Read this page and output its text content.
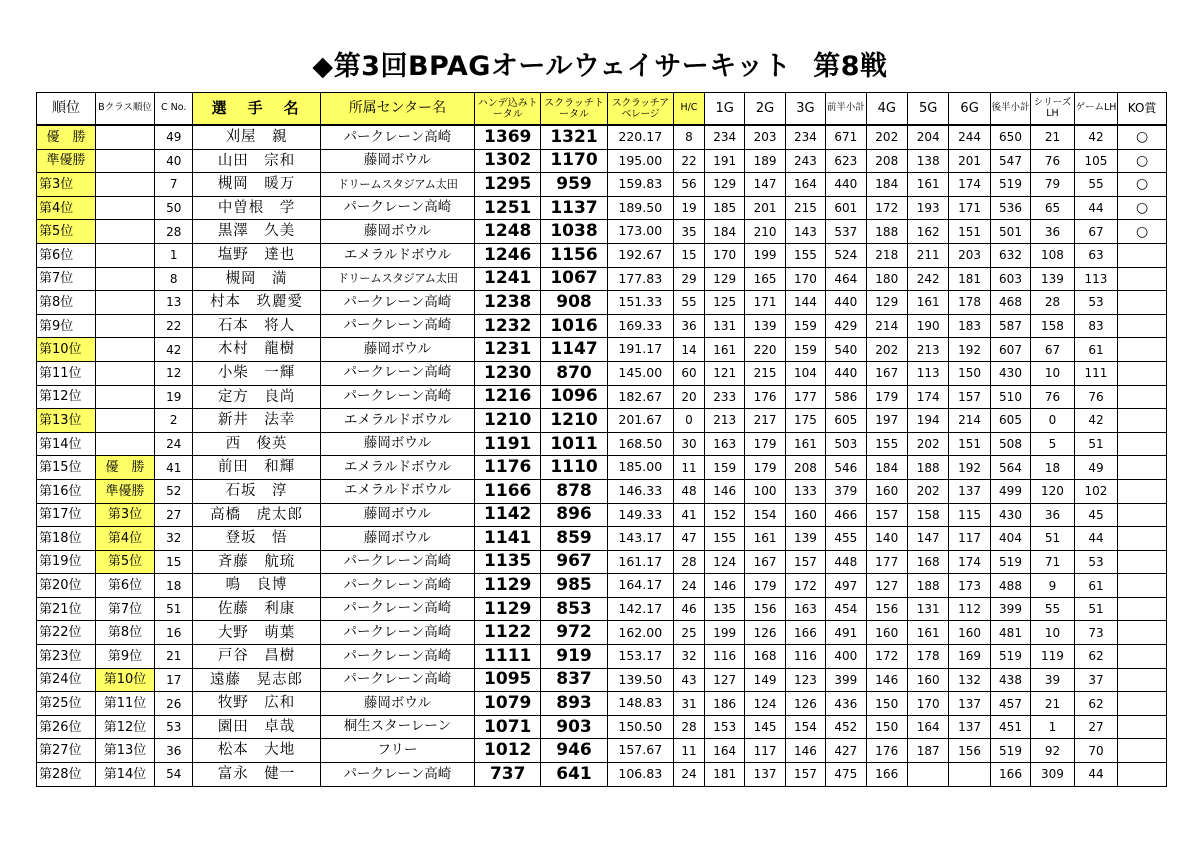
◆第3回BPAGオールウェイサーキット 第8戦
順位	Bクラス順位	C No.	選　手　名	所属センター名	ハンデ込みトータル	スクラッチトータル	スクラッチアベレージ	H/C	1G	2G	3G	前半小計	4G	5G	6G	後半小計	シリーズLH	ゲームLH	KO賞
優　勝		49	刈屋　親	パークレーン高崎	1369	1321	220.17	8	234	203	234	671	202	204	244	650	21	42	○
準優勝		40	山田　宗和	藤岡ボウル	1302	1170	195.00	22	191	189	243	623	208	138	201	547	76	105	○
第3位		7	槻岡　暖万	ドリームスタジアム太田	1295	959	159.83	56	129	147	164	440	184	161	174	519	79	55	○
第4位		50	中曽根　学	パークレーン高崎	1251	1137	189.50	19	185	201	215	601	172	193	171	536	65	44	○
第5位		28	黒澤　久美	藤岡ボウル	1248	1038	173.00	35	184	210	143	537	188	162	151	501	36	67	○
第6位		1	塩野　達也	エメラルドボウル	1246	1156	192.67	15	170	199	155	524	218	211	203	632	108	63	
第7位		8	槻岡　満	ドリームスタジアム太田	1241	1067	177.83	29	129	165	170	464	180	242	181	603	139	113	
第8位		13	村本　玖麗愛	パークレーン高崎	1238	908	151.33	55	125	171	144	440	129	161	178	468	28	53	
第9位		22	石本　将人	パークレーン高崎	1232	1016	169.33	36	131	139	159	429	214	190	183	587	158	83	
第10位		42	木村　龍樹	藤岡ボウル	1231	1147	191.17	14	161	220	159	540	202	213	192	607	67	61	
第11位		12	小柴　一輝	パークレーン高崎	1230	870	145.00	60	121	215	104	440	167	113	150	430	10	111	
第12位		19	定方　良尚	パークレーン高崎	1216	1096	182.67	20	233	176	177	586	179	174	157	510	76	76	
第13位		2	新井　法幸	エメラルドボウル	1210	1210	201.67	0	213	217	175	605	197	194	214	605	0	42	
第14位		24	西　俊英	藤岡ボウル	1191	1011	168.50	30	163	179	161	503	155	202	151	508	5	51	
第15位	優　勝	41	前田　和輝	エメラルドボウル	1176	1110	185.00	11	159	179	208	546	184	188	192	564	18	49	
第16位	準優勝	52	石坂　淳	エメラルドボウル	1166	878	146.33	48	146	100	133	379	160	202	137	499	120	102	
第17位	第3位	27	高橋　虎太郎	藤岡ボウル	1142	896	149.33	41	152	154	160	466	157	158	115	430	36	45	
第18位	第4位	32	登坂　悟	藤岡ボウル	1141	859	143.17	47	155	161	139	455	140	147	117	404	51	44	
第19位	第5位	15	斉藤　航琉	パークレーン高崎	1135	967	161.17	28	124	167	157	448	177	168	174	519	71	53	
第20位	第6位	18	鳴　良博	パークレーン高崎	1129	985	164.17	24	146	179	172	497	127	188	173	488	9	61	
第21位	第7位	51	佐藤　利康	パークレーン高崎	1129	853	142.17	46	135	156	163	454	156	131	112	399	55	51	
第22位	第8位	16	大野　萌葉	パークレーン高崎	1122	972	162.00	25	199	126	166	491	160	161	160	481	10	73	
第23位	第9位	21	戸谷　昌樹	パークレーン高崎	1111	919	153.17	32	116	168	116	400	172	178	169	519	119	62	
第24位	第10位	17	遠藤　晃志郎	パークレーン高崎	1095	837	139.50	43	127	149	123	399	146	160	132	438	39	37	
第25位	第11位	26	牧野　広和	藤岡ボウル	1079	893	148.83	31	186	124	126	436	150	170	137	457	21	62	
第26位	第12位	53	園田　卓哉	桐生スターレーン	1071	903	150.50	28	153	145	154	452	150	164	137	451	1	27	
第27位	第13位	36	松本　大地	フリー	1012	946	157.67	11	164	117	146	427	176	187	156	519	92	70	
第28位	第14位	54	富永　健一	パークレーン高崎	737	641	106.83	24	181	137	157	475	166			166	309	44	
